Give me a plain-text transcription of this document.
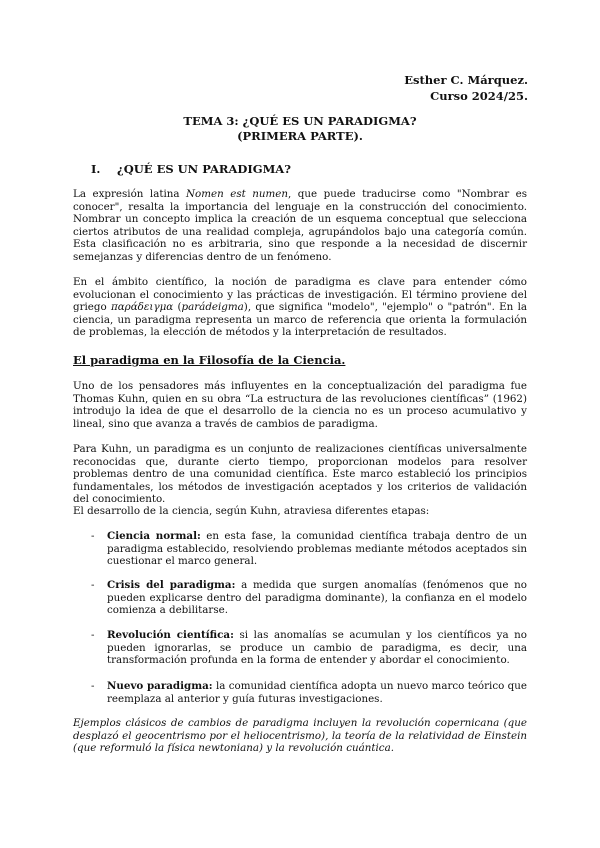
Esther C. Márquez.
Curso 2024/25.
TEMA 3: ¿QUÉ ES UN PARADIGMA?
(PRIMERA PARTE).
I. ¿QUÉ ES UN PARADIGMA?
La expresión latina Nomen est numen, que puede traducirse como "Nombrar es conocer", resalta la importancia del lenguaje en la construcción del conocimiento. Nombrar un concepto implica la creación de un esquema conceptual que selecciona ciertos atributos de una realidad compleja, agrupándolos bajo una categoría común. Esta clasificación no es arbitraria, sino que responde a la necesidad de discernir semejanzas y diferencias dentro de un fenómeno.
En el ámbito científico, la noción de paradigma es clave para entender cómo evolucionan el conocimiento y las prácticas de investigación. El término proviene del griego παράδειγμα (parádeigma), que significa "modelo", "ejemplo" o "patrón". En la ciencia, un paradigma representa un marco de referencia que orienta la formulación de problemas, la elección de métodos y la interpretación de resultados.
El paradigma en la Filosofía de la Ciencia.
Uno de los pensadores más influyentes en la conceptualización del paradigma fue Thomas Kuhn, quien en su obra “La estructura de las revoluciones científicas” (1962) introdujo la idea de que el desarrollo de la ciencia no es un proceso acumulativo y lineal, sino que avanza a través de cambios de paradigma.
Para Kuhn, un paradigma es un conjunto de realizaciones científicas universalmente reconocidas que, durante cierto tiempo, proporcionan modelos para resolver problemas dentro de una comunidad científica. Este marco estableció los principios fundamentales, los métodos de investigación aceptados y los criterios de validación del conocimiento.
El desarrollo de la ciencia, según Kuhn, atraviesa diferentes etapas:
- Ciencia normal: en esta fase, la comunidad científica trabaja dentro de un paradigma establecido, resolviendo problemas mediante métodos aceptados sin cuestionar el marco general.
- Crisis del paradigma: a medida que surgen anomalías (fenómenos que no pueden explicarse dentro del paradigma dominante), la confianza en el modelo comienza a debilitarse.
- Revolución científica: si las anomalías se acumulan y los científicos ya no pueden ignorarlas, se produce un cambio de paradigma, es decir, una transformación profunda en la forma de entender y abordar el conocimiento.
- Nuevo paradigma: la comunidad científica adopta un nuevo marco teórico que reemplaza al anterior y guía futuras investigaciones.
Ejemplos clásicos de cambios de paradigma incluyen la revolución copernicana (que desplazó el geocentrismo por el heliocentrismo), la teoría de la relatividad de Einstein (que reformuló la física newtoniana) y la revolución cuántica.
